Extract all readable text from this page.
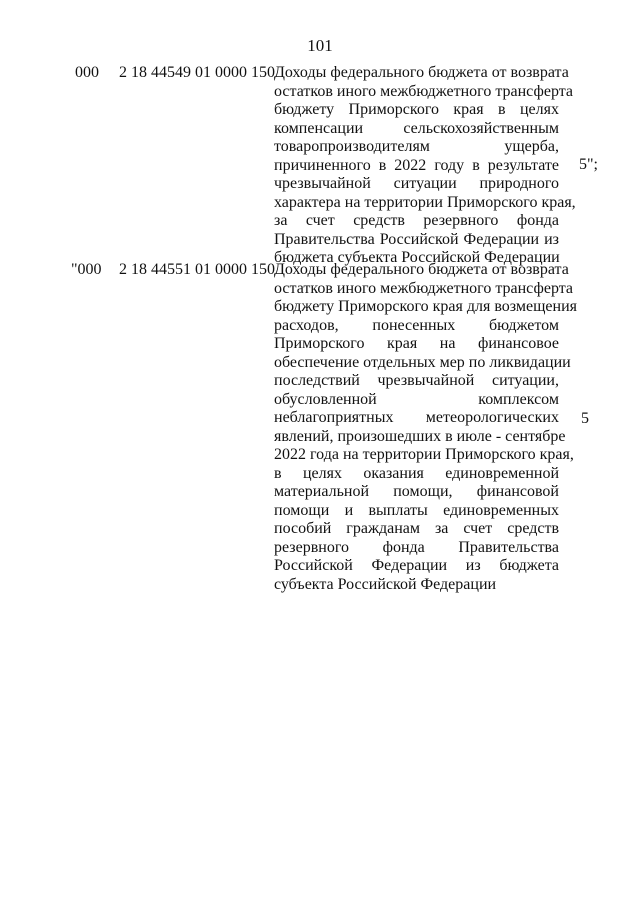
101
000	2 18 44549 01 0000 150 Доходы федерального бюджета от возврата
остатков иного межбюджетного трансферта
бюджету Приморского края в целях
компенсации сельскохозяйственным
товаропроизводителям ущерба,
причиненного в 2022 году в результате
чрезвычайной ситуации природного
характера на территории Приморского края,
за счет средств резервного фонда
Правительства Российской Федерации из
бюджета субъекта Российской Федерации
5";
"000	2 18 44551 01 0000 150 Доходы федерального бюджета от возврата
остатков иного межбюджетного трансферта
бюджету Приморского края для возмещения
расходов, понесенных бюджетом
Приморского края на финансовое
обеспечение отдельных мер по ликвидации
последствий чрезвычайной ситуации,
обусловленной комплексом
неблагоприятных метеорологических
явлений, произошедших в июле - сентябре
2022 года на территории Приморского края,
в целях оказания единовременной
материальной помощи, финансовой
помощи и выплаты единовременных
пособий гражданам за счет средств
резервного фонда Правительства
Российской Федерации из бюджета
субъекта Российской Федерации
5
